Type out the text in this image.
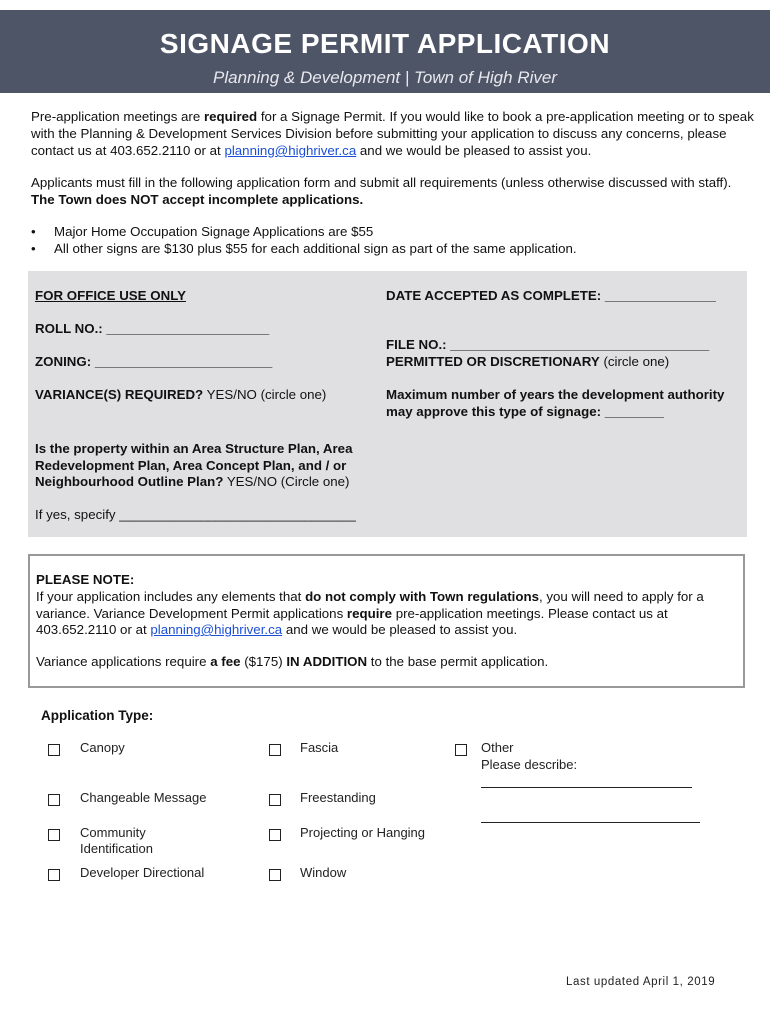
SIGNAGE PERMIT APPLICATION
Planning & Development | Town of High River
Pre-application meetings are required for a Signage Permit. If you would like to book a pre-application meeting or to speak with the Planning & Development Services Division before submitting your application to discuss any concerns, please contact us at 403.652.2110 or at planning@highriver.ca and we would be pleased to assist you.
Applicants must fill in the following application form and submit all requirements (unless otherwise discussed with staff).
The Town does NOT accept incomplete applications.
• Major Home Occupation Signage Applications are $55
• All other signs are $130 plus $55 for each additional sign as part of the same application.
FOR OFFICE USE ONLY	DATE ACCEPTED AS COMPLETE: _______________
ROLL NO.: ______________________
ZONING: ________________________
FILE NO.: ___________________________________
PERMITTED OR DISCRETIONARY (circle one)
VARIANCE(S) REQUIRED? YES/NO (circle one)	Maximum number of years the development authority may approve this type of signage: ________
Is the property within an Area Structure Plan, Area Redevelopment Plan, Area Concept Plan, and / or Neighbourhood Outline Plan? YES/NO (Circle one)
If yes, specify ________________________________
PLEASE NOTE:
If your application includes any elements that do not comply with Town regulations, you will need to apply for a variance. Variance Development Permit applications require pre-application meetings. Please contact us at 403.652.2110 or at planning@highriver.ca and we would be pleased to assist you.
Variance applications require a fee ($175) IN ADDITION to the base permit application.
Application Type:
Canopy
Changeable Message
Community Identification
Developer Directional
Fascia
Freestanding
Projecting or Hanging
Window
Other
Please describe:
Last updated April 1, 2019
